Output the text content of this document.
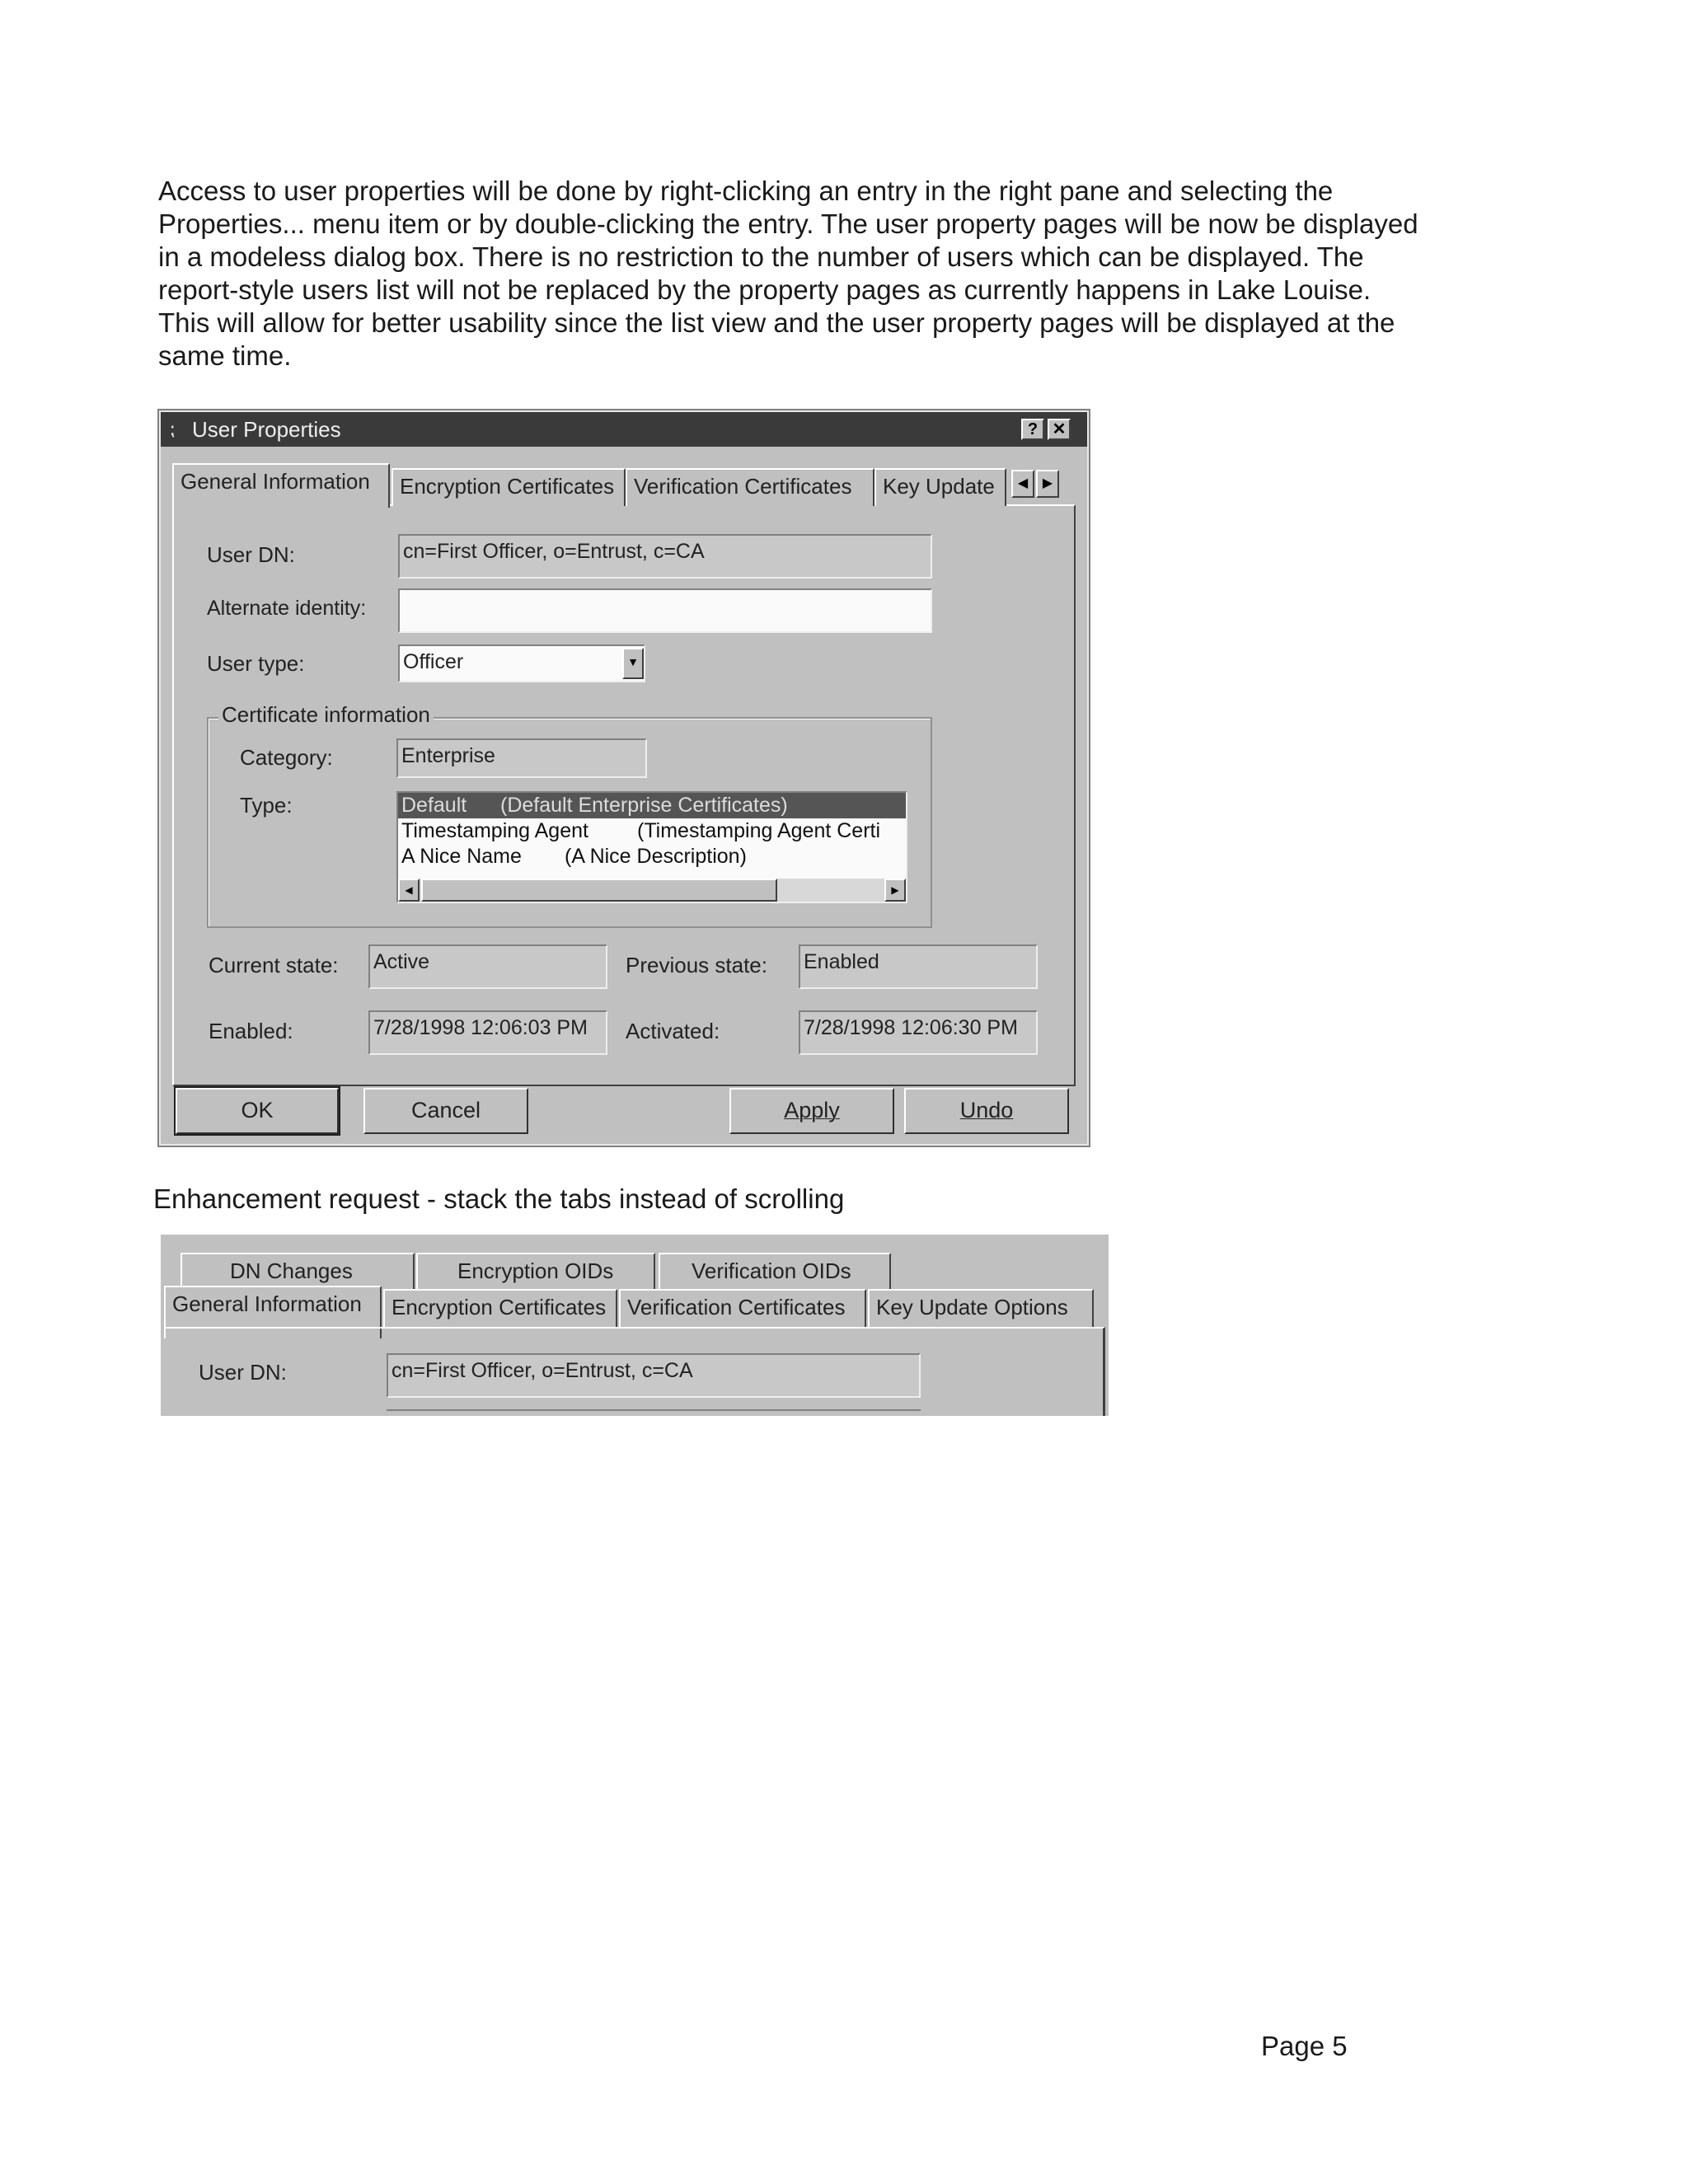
Access to user properties will be done by right-clicking an entry in the right pane and selecting the
Properties... menu item or by double-clicking the entry. The user property pages will be now be displayed
in a modeless dialog box. There is no restriction to the number of users which can be displayed. The
report-style users list will not be replaced by the property pages as currently happens in Lake Louise.
This will allow for better usability since the list view and the user property pages will be displayed at the
same time.

⁏ User Properties	? ✕
General Information	Encryption Certificates Verification Certificates	Key Update	◀	▶
User DN:	cn=First Officer, o=Entrust, c=CA
Alternate identity:
User type:	Officer	▼
Certificate information
Category:	Enterprise
Type:	Default (Default Enterprise Certificates)
Timestamping Agent (Timestamping Agent Certi
A Nice Name (A Nice Description)
◀	▶
Current state: Active	Previous state: Enabled
Enabled:	7/28/1998 12:06:03 PM	Activated:	7/28/1998 12:06:30 PM
OK	Cancel	Apply	Undo
Enhancement request - stack the tabs instead of scrolling
DN Changes	Encryption OIDs	Verification OIDs
General Information	Encryption Certificates Verification Certificates	Key Update Options
User DN:	cn=First Officer, o=Entrust, c=CA
Page 5
